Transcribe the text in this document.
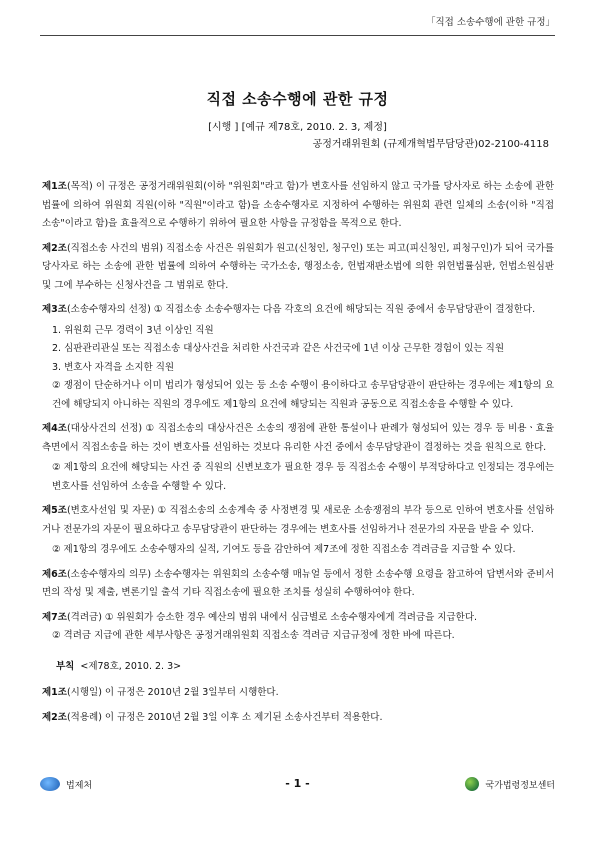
「직접 소송수행에 관한 규정」
직접 소송수행에 관한 규정
[시행 ] [예규 제78호, 2010. 2. 3, 제정]
공정거래위원회 (규제개혁법무담당관)02-2100-4118

제1조(목적) 이 규정은 공정거래위원회(이하 "위원회"라고 함)가 변호사를 선임하지 않고 국가를 당사자로 하는 소송에 관한 법률에 의하여 위원회 직원(이하 "직원"이라고 함)을 소송수행자로 지정하여 수행하는 위원회 관련 일체의 소송(이하 "직접소송"이라고 함)을 효율적으로 수행하기 위하여 필요한 사항을 규정함을 목적으로 한다.

제2조(직접소송 사건의 범위) 직접소송 사건은 위원회가 원고(신청인, 청구인) 또는 피고(피신청인, 피청구인)가 되어 국가를 당사자로 하는 소송에 관한 법률에 의하여 수행하는 국가소송, 행정소송, 헌법재판소법에 의한 위헌법률심판, 헌법소원심판 및 그에 부수하는 신청사건을 그 범위로 한다.

제3조(소송수행자의 선정) ① 직접소송 소송수행자는 다음 각호의 요건에 해당되는 직원 중에서 송무담당관이 결정한다.

1. 위원회 근무 경력이 3년 이상인 직원
2. 심판관리관실 또는 직접소송 대상사건을 처리한 사건국과 같은 사건국에 1년 이상 근무한 경험이 있는 직원
3. 변호사 자격을 소지한 직원
② 쟁점이 단순하거나 이미 법리가 형성되어 있는 등 소송 수행이 용이하다고 송무담당관이 판단하는 경우에는 제1항의 요건에 해당되지 아니하는 직원의 경우에도 제1항의 요건에 해당되는 직원과 공동으로 직접소송을 수행할 수 있다.

제4조(대상사건의 선정) ① 직접소송의 대상사건은 소송의 쟁점에 관한 통설이나 판례가 형성되어 있는 경우 등 비용ㆍ효율 측면에서 직접소송을 하는 것이 변호사를 선임하는 것보다 유리한 사건 중에서 송무담당관이 결정하는 것을 원칙으로 한다.

② 제1항의 요건에 해당되는 사건 중 직원의 신변보호가 필요한 경우 등 직접소송 수행이 부적당하다고 인정되는 경우에는 변호사를 선임하여 소송을 수행할 수 있다.

제5조(변호사선임 및 자문) ① 직접소송의 소송계속 중 사정변경 및 새로운 소송쟁점의 부각 등으로 인하여 변호사를 선임하거나 전문가의 자문이 필요하다고 송무담당관이 판단하는 경우에는 변호사를 선임하거나 전문가의 자문을 받을 수 있다.

② 제1항의 경우에도 소송수행자의 실적, 기여도 등을 감안하여 제7조에 정한 직접소송 격려금을 지급할 수 있다.

제6조(소송수행자의 의무) 소송수행자는 위원회의 소송수행 매뉴얼 등에서 정한 소송수행 요령을 참고하여 답변서와 준비서면의 작성 및 제출, 변론기일 출석 기타 직접소송에 필요한 조치를 성실히 수행하여야 한다.

제7조(격려금) ① 위원회가 승소한 경우 예산의 범위 내에서 심급별로 소송수행자에게 격려금을 지급한다.

② 격려금 지급에 관한 세부사항은 공정거래위원회 직접소송 격려금 지급규정에 정한 바에 따른다.
부칙 <제78호, 2010. 2. 3>

제1조(시행일) 이 규정은 2010년 2월 3일부터 시행한다.

제2조(적용례) 이 규정은 2010년 2월 3일 이후 소 제기된 소송사건부터 적용한다.

법제처	- 1 -	국가법령정보센터
